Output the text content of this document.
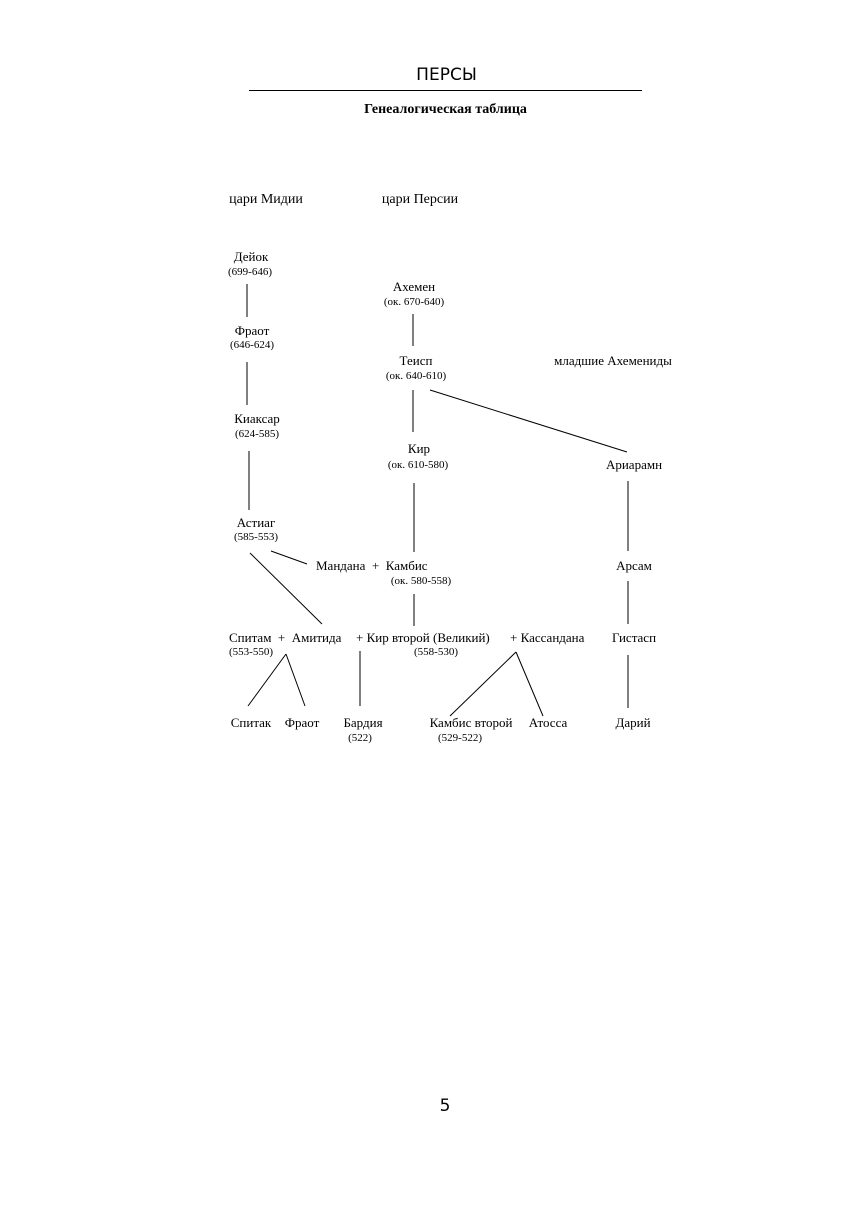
ПЕРСЫ
Генеалогическая таблица
цари Мидии	цари Персии
младшие Ахемениды
Дейок
(699-646)
Фраот
(646-624)
Киаксар
(624-585)
Астиаг
(585-553)
Ахемен
(ок. 670-640)
Теисп
(ок. 640-610)
Кир
(ок. 610-580)
Мандана  +  Камбис
(ок. 580-558)
Ариарамн
Арсам
Гистасп
Дарий
Спитам  +  Амитида
(553-550)
+ Кир второй (Великий)
(558-530)
+ Кассандана
Спитак Фраот Бардия
(522)
Камбис второй
(529-522)
Атосса
5
